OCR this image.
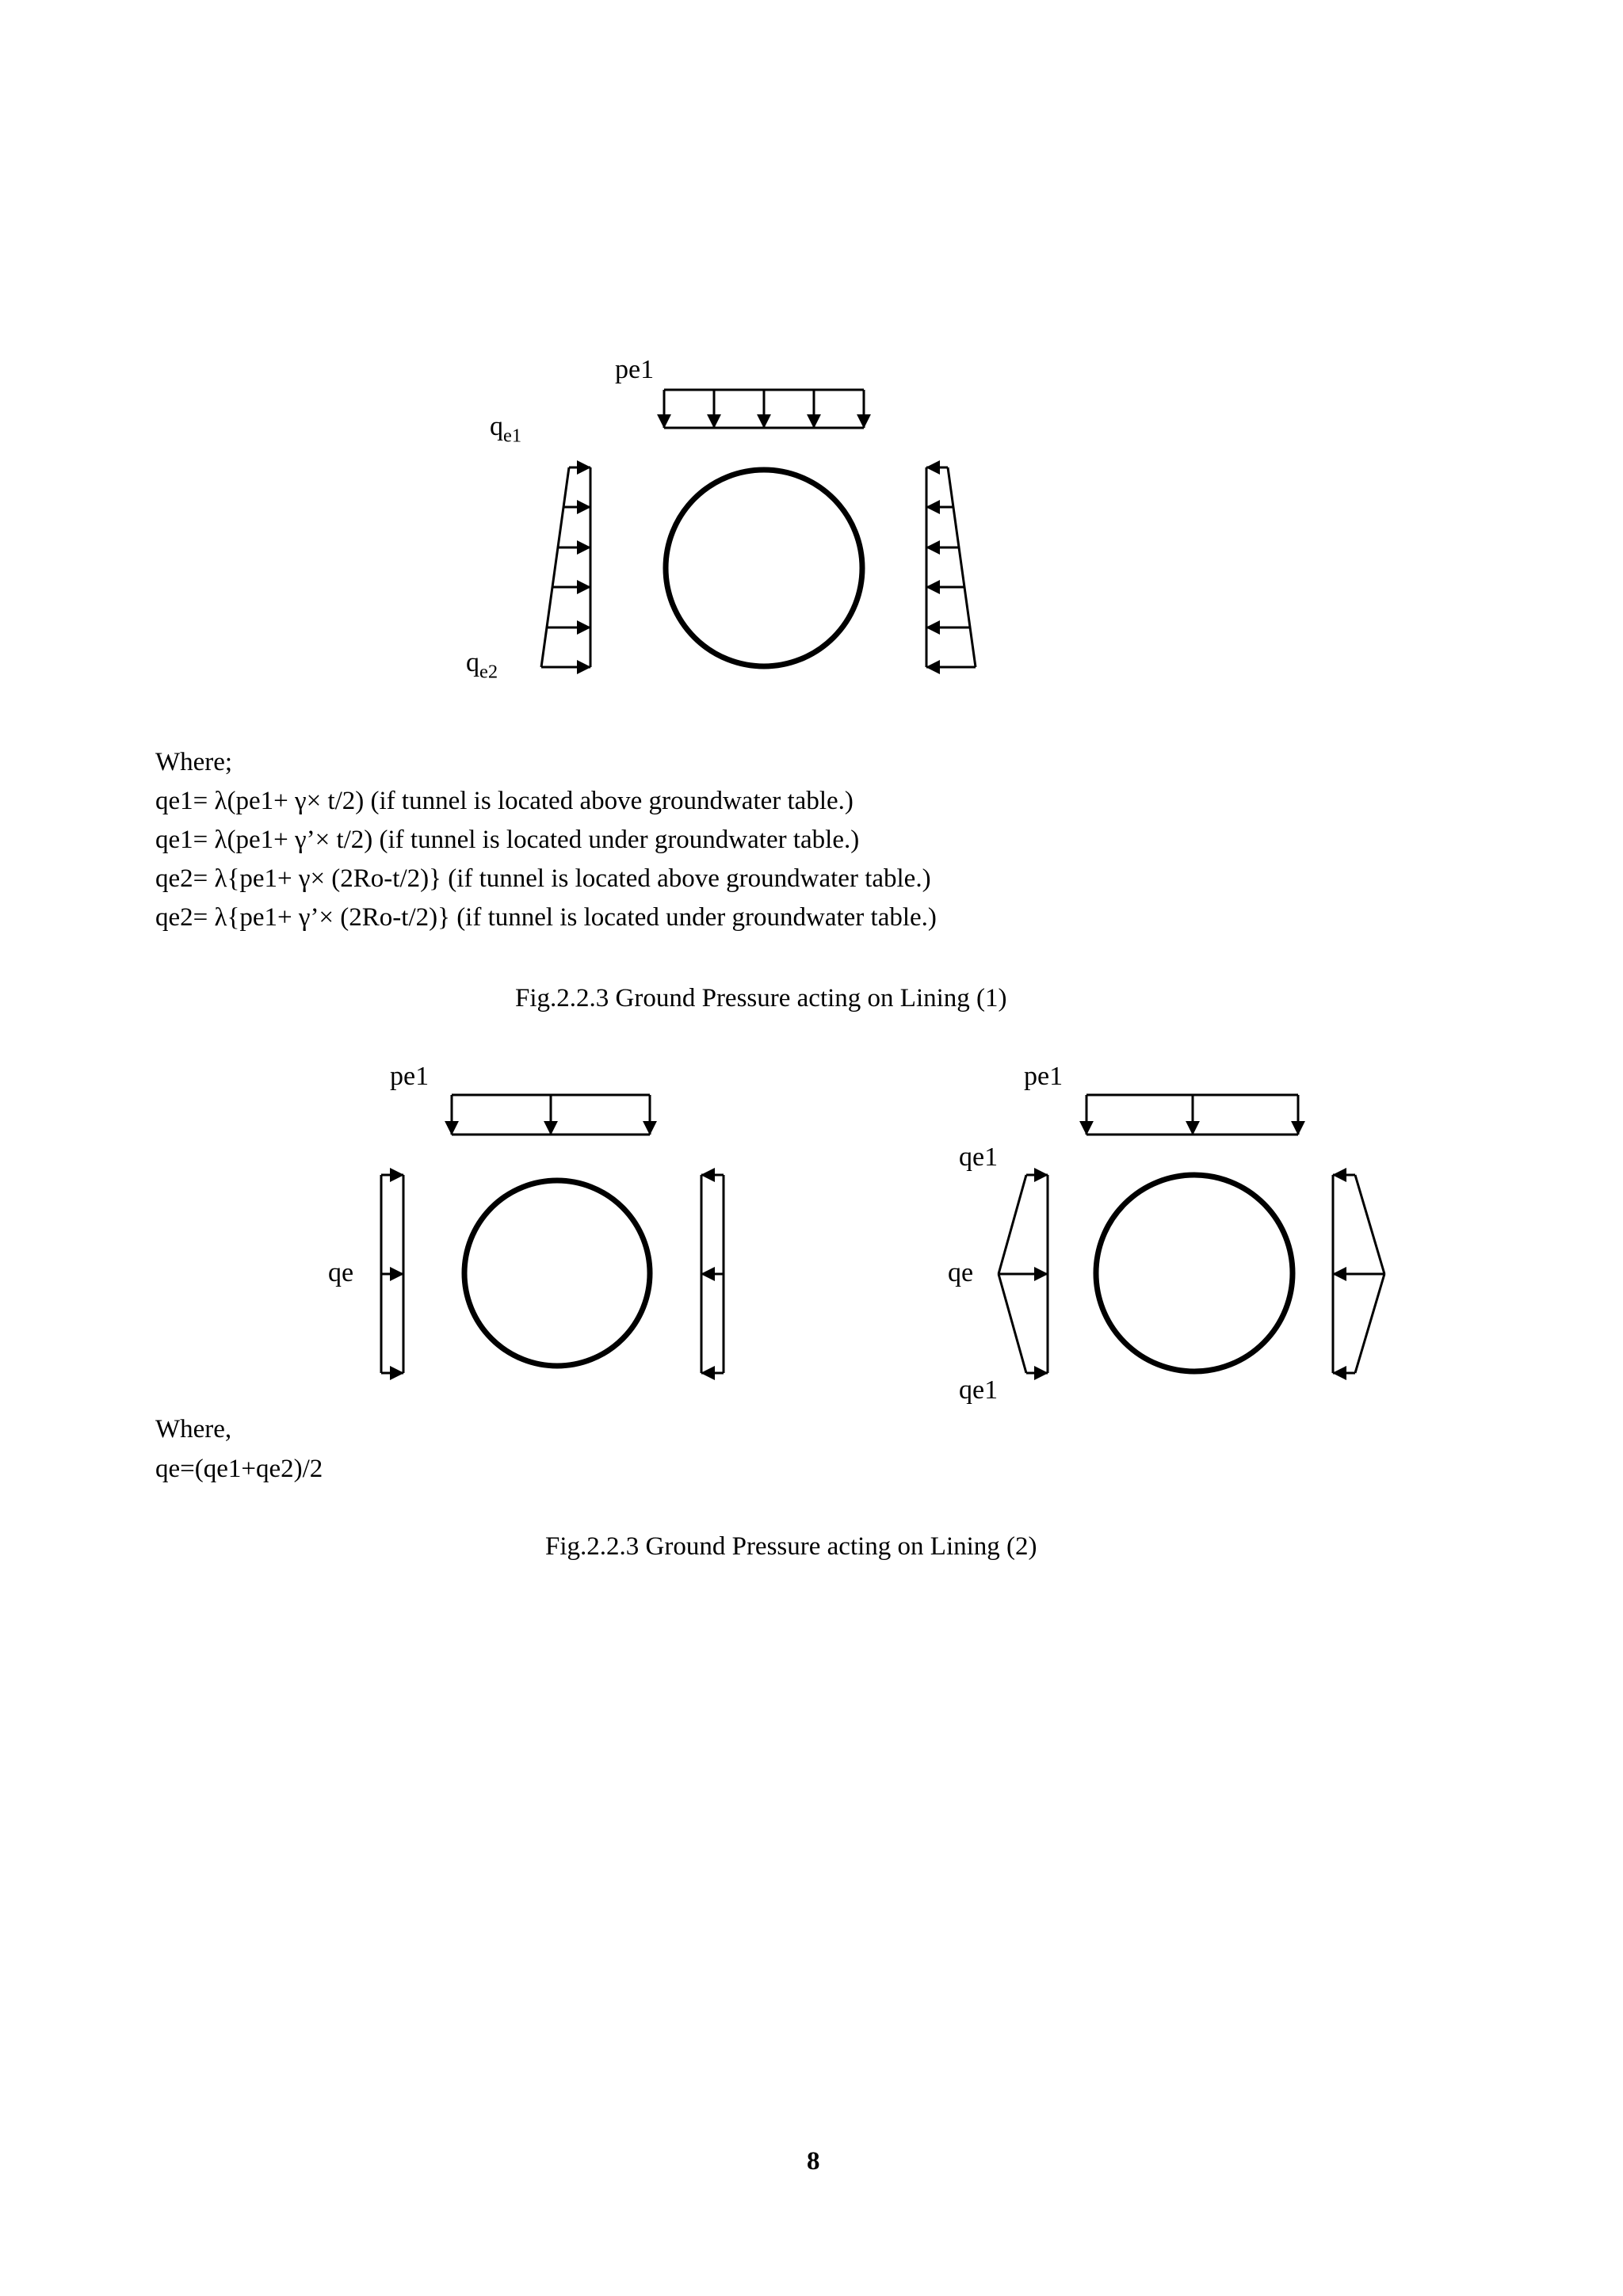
pe1
$q_{e1}$
$q_{e2}$
Where;
qe1= λ(pe1+ γ× t/2) (if tunnel is located above groundwater table.)
qe1= λ(pe1+ γ’× t/2) (if tunnel is located under groundwater table.)
qe2= λ{pe1+ γ× (2Ro-t/2)} (if tunnel is located above groundwater table.)
qe2= λ{pe1+ γ’× (2Ro-t/2)} (if tunnel is located under groundwater table.)
Fig.2.2.3 Ground Pressure acting on Lining (1)
pe1
qe
pe1
qe1
qe
qe1
Where,
qe=(qe1+qe2)/2
Fig.2.2.3 Ground Pressure acting on Lining (2)
8
